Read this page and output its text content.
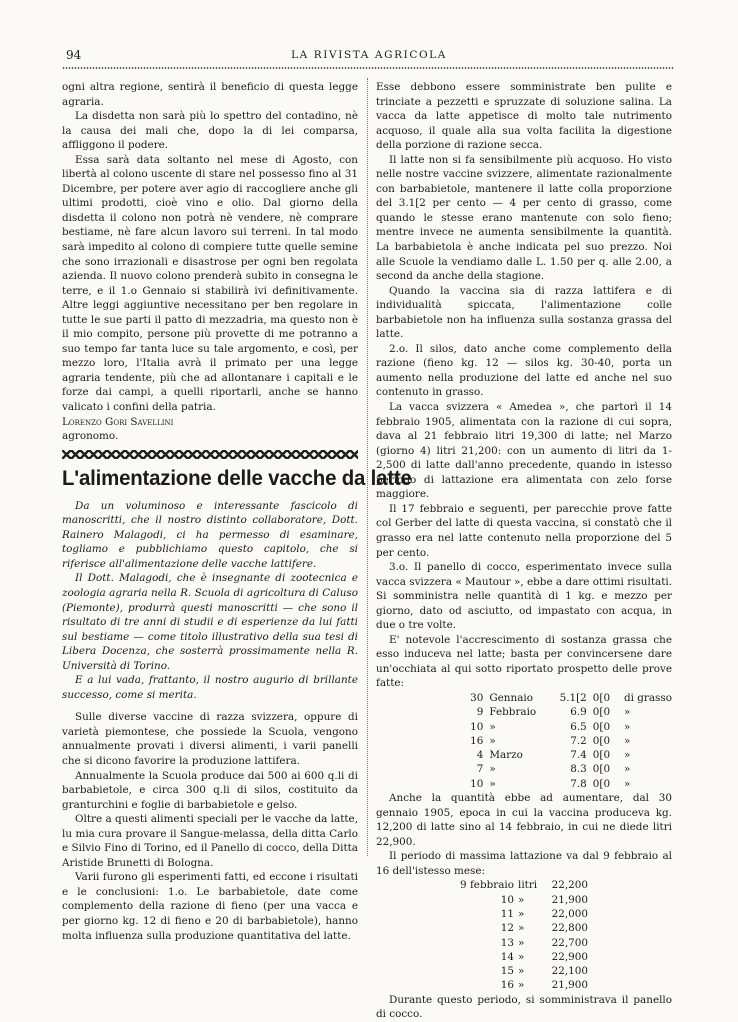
94	LA RIVISTA AGRICOLA

ogni altra regione, sentirà il beneficio di questa legge agraria.

La disdetta non sarà più lo spettro del contadino, nè la causa dei mali che, dopo la di lei comparsa, affliggono il podere.

Essa sarà data soltanto nel mese di Agosto, con libertà al colono uscente di stare nel possesso fino al 31 Dicembre, per potere aver agio di raccogliere anche gli ultimi prodotti, cioè vino e olio. Dal giorno della disdetta il colono non potrà nè vendere, nè comprare bestiame, nè fare alcun lavoro sui terreni. In tal modo sarà impedito al colono di compiere tutte quelle semine che sono irrazionali e disastrose per ogni ben regolata azienda. Il nuovo colono prenderà subito in consegna le terre, e il 1.o Gennaio si stabilirà ivi definitivamente. Altre leggi aggiuntive necessitano per ben regolare in tutte le sue parti il patto di mezzadria, ma questo non è il mio compito, persone più provette di me potranno a suo tempo far tanta luce su tale argomento, e così, per mezzo loro, l'Italia avrà il primato per una legge agraria tendente, più che ad allontanare i capitali e le forze dai campi, a quelli riportarli, anche se hanno valicato i confini della patria.

Lorenzo Gori Savellini

agronomo.

L'alimentazione delle vacche da latte

Da un voluminoso e interessante fascicolo di manoscritti, che il nostro distinto collaboratore, Dott. Rainero Malagodi, ci ha permesso di esaminare, togliamo e pubblichiamo questo capitolo, che si riferisce all'alimentazione delle vacche lattifere.

Il Dott. Malagodi, che è insegnante di zootecnica e zoologia agraria nella R. Scuola di agricoltura di Caluso (Piemonte), produrrà questi manoscritti — che sono il risultato di tre anni di studii e di esperienze da lui fatti sul bestiame — come titolo illustrativo della sua tesi di Libera Docenza, che sosterrà prossimamente nella R. Università di Torino.

E a lui vada, frattanto, il nostro augurio di brillante successo, come si merita.

Sulle diverse vaccine di razza svizzera, oppure di varietà piemontese, che possiede la Scuola, vengono annualmente provati i diversi alimenti, i varii panelli che si dicono favorire la produzione lattifera.

Annualmente la Scuola produce dai 500 ai 600 q.li di barbabietole, e circa 300 q.li di silos, costituito da granturchini e foglie di barbabietole e gelso.

Oltre a questi alimenti speciali per le vacche da latte, lu mia cura provare il Sangue-melassa, della ditta Carlo e Silvio Fino di Torino, ed il Panello di cocco, della Ditta Aristide Brunetti di Bologna.

Varii furono gli esperimenti fatti, ed eccone i risultati e le conclusioni: 1.o. Le barbabietole, date come complemento della razione di fieno (per una vacca e per giorno kg. 12 di fieno e 20 di barbabietole), hanno molta influenza sulla produzione quantitativa del latte.

Esse debbono essere somministrate ben pulite e trinciate a pezzetti e spruzzate di soluzione salina. La vacca da latte appetisce di molto tale nutrimento acquoso, il quale alla sua volta facilita la digestione della porzione di razione secca.

Il latte non si fa sensibilmente più acquoso. Ho visto nelle nostre vaccine svizzere, alimentate razionalmente con barbabietole, mantenere il latte colla proporzione del 3.1[2 per cento — 4 per cento di grasso, come quando le stesse erano mantenute con solo fieno; mentre invece ne aumenta sensibilmente la quantità. La barbabietola è anche indicata pel suo prezzo. Noi alle Scuole la vendiamo dalle L. 1.50 per q. alle 2.00, a second da anche della stagione.

Quando la vaccina sia di razza lattifera e di individualità spiccata, l'alimentazione colle barbabietole non ha influenza sulla sostanza grassa del latte.

2.o. Il silos, dato anche come complemento della razione (fieno kg. 12 — silos kg. 30-40, porta un aumento nella produzione del latte ed anche nel suo contenuto in grasso.

La vacca svizzera « Amedea », che partorì il 14 febbraio 1905, alimentata con la razione di cui sopra, dava al 21 febbraio litri 19,300 di latte; nel Marzo (giorno 4) litri 21,200: con un aumento di litri da 1-2,500 di latte dall'anno precedente, quando in istesso periodo di lattazione era alimentata con zelo forse maggiore.

Il 17 febbraio e seguenti, per parecchie prove fatte col Gerber del latte di questa vaccina, si constatò che il grasso era nel latte contenuto nella proporzione del 5 per cento.

3.o. Il panello di cocco, esperimentato invece sulla vacca svizzera « Mautour », ebbe a dare ottimi risultati. Si somministra nelle quantità di 1 kg. e mezzo per giorno, dato od asciutto, od impastato con acqua, in due o tre volte.

E' notevole l'accrescimento di sostanza grassa che esso induceva nel latte; basta per convincersene dare un'occhiata al qui sotto riportato prospetto delle prove fatte:

30	Gennaio	5.1[2	0[0	di grasso
9	Febbraio	6.9	0[0	»
10	»	6.5	0[0	»
16	»	7.2	0[0	»
4	Marzo	7.4	0[0	»
7	»	8.3	0[0	»
10	»	7.8	0[0	»

Anche la quantità ebbe ad aumentare, dal 30 gennaio 1905, epoca in cui la vaccina produceva kg. 12,200 di latte sino al 14 febbraio, in cui ne diede litri 22,900.

Il periodo di massima lattazione va dal 9 febbraio al 16 dell'istesso mese:

9 febbraio	litri	22,200
10	»	21,900
11	»	22,000
12	»	22,800
13	»	22,700
14	»	22,900
15	»	22,100
16	»	21,900

Durante questo periodo, si somministrava il panello di cocco.
